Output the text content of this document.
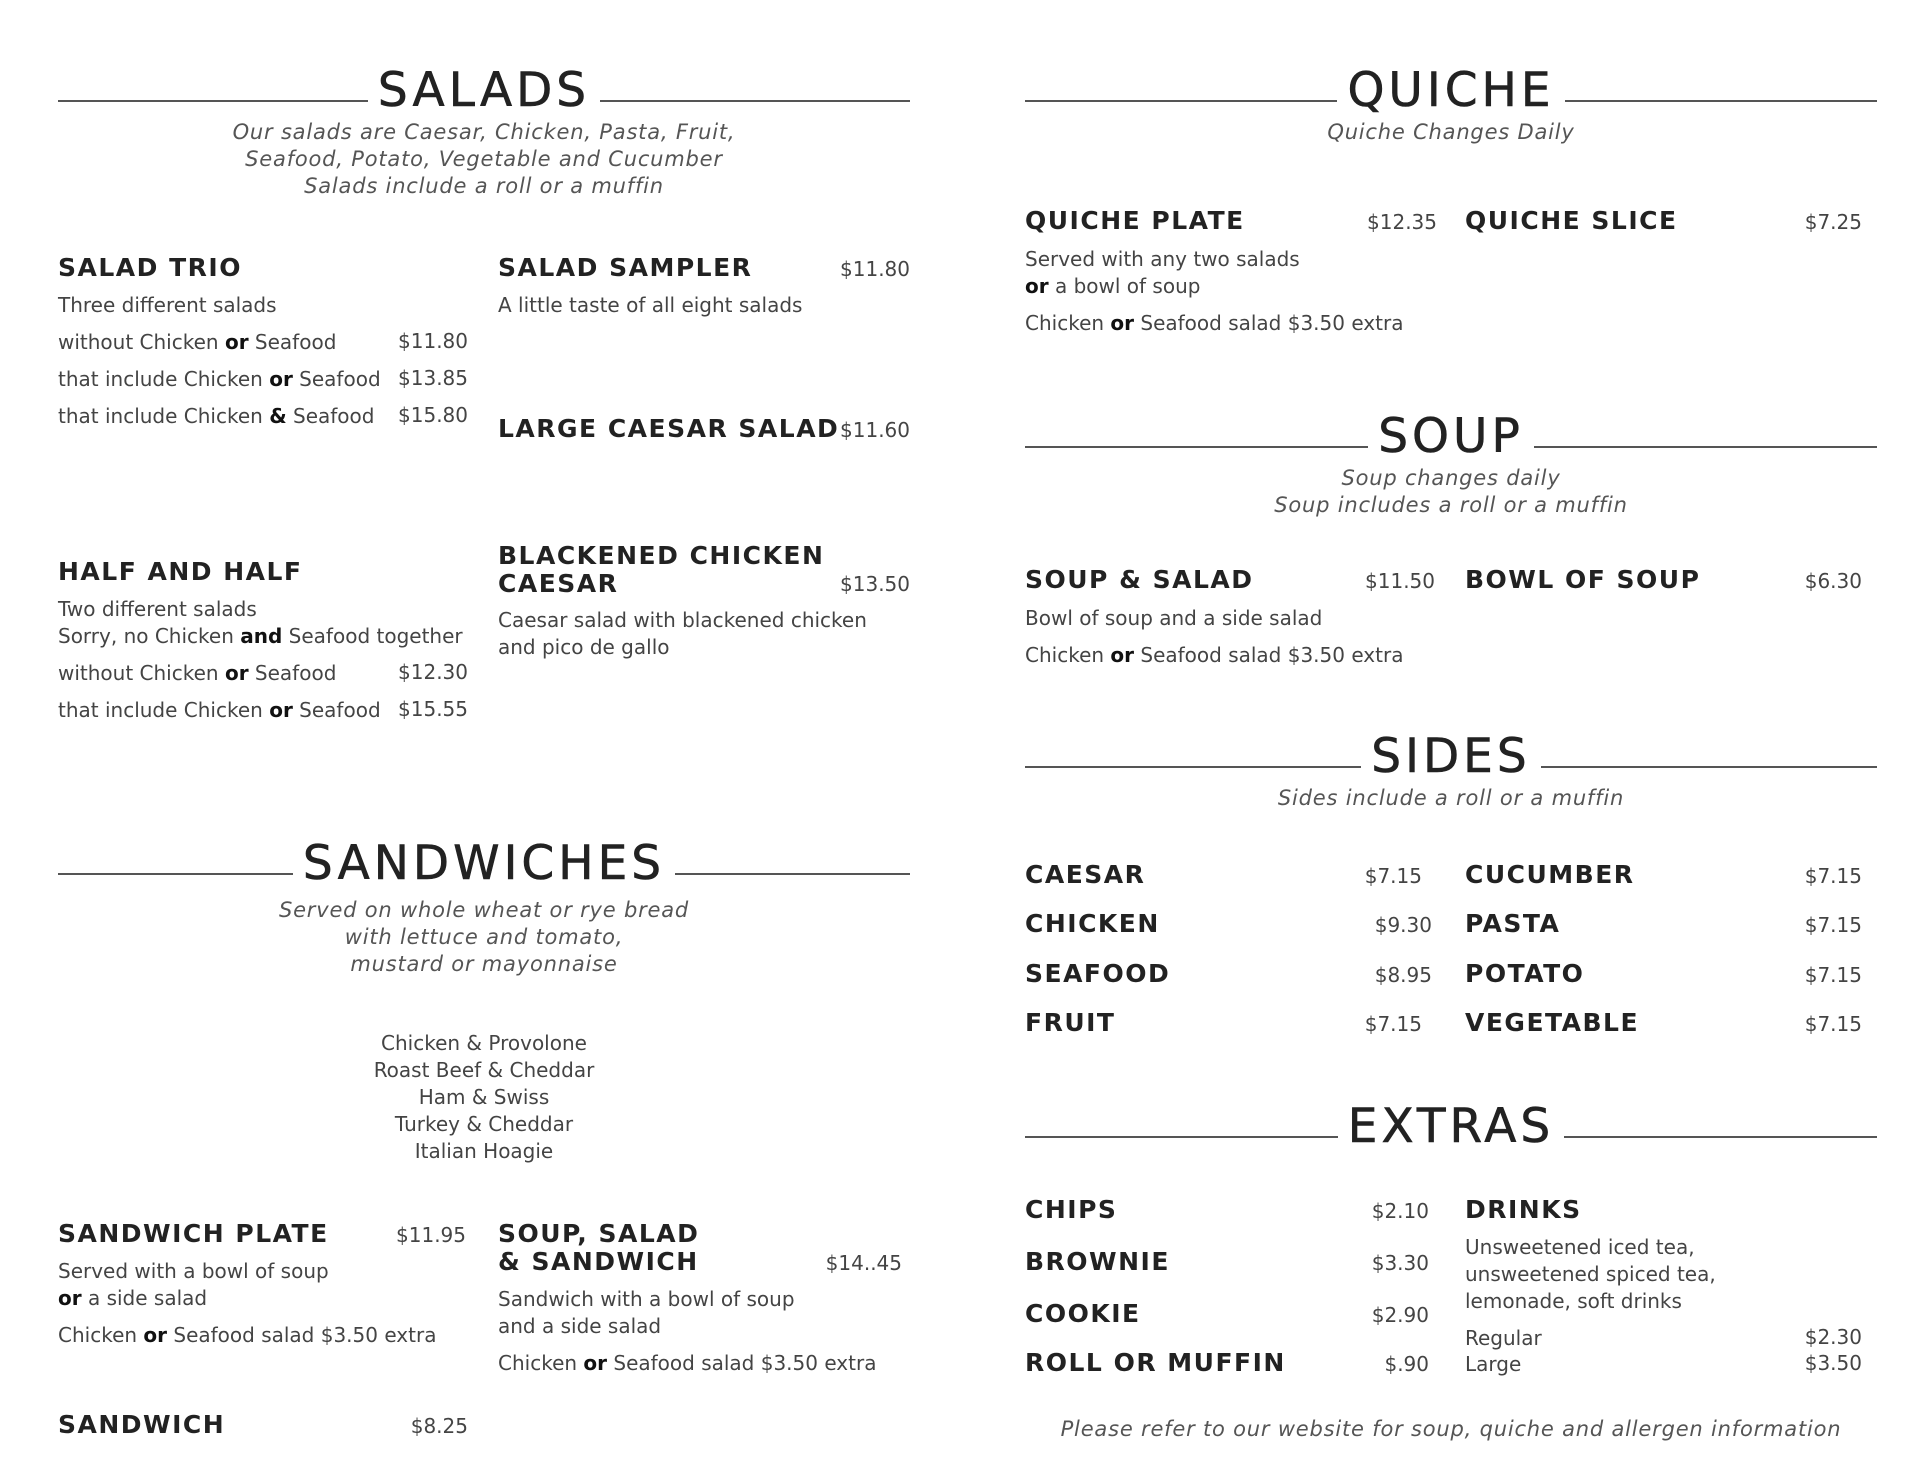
SALADS
Our salads are Caesar, Chicken, Pasta, Fruit,
Seafood, Potato, Vegetable and Cucumber
Salads include a roll or a muffin
SALAD TRIO
Three different salads
without Chicken or Seafood	$11.80
that include Chicken or Seafood $13.85
that include Chicken & Seafood $15.80
SALAD SAMPLER	$11.80
A little taste of all eight salads
LARGE CAESAR SALAD $11.60
HALF AND HALF
Two different salads
Sorry, no Chicken and Seafood together
without Chicken or Seafood	$12.30
that include Chicken or Seafood $15.55
BLACKENED CHICKEN
CAESAR	$13.50
Caesar salad with blackened chicken
and pico de gallo
SANDWICHES
Served on whole wheat or rye bread
with lettuce and tomato,
mustard or mayonnaise
Chicken & Provolone
Roast Beef & Cheddar
Ham & Swiss
Turkey & Cheddar
Italian Hoagie
SANDWICH PLATE	$11.95
Served with a bowl of soup
or a side salad
Chicken or Seafood salad $3.50 extra
SOUP, SALAD
& SANDWICH	$14..45
Sandwich with a bowl of soup
and a side salad
Chicken or Seafood salad $3.50 extra
SANDWICH	$8.25
QUICHE
Quiche Changes Daily
QUICHE PLATE	$12.35
Served with any two salads
or a bowl of soup
Chicken or Seafood salad $3.50 extra
QUICHE SLICE	$7.25
SOUP
Soup changes daily
Soup includes a roll or a muffin
SOUP & SALAD	$11.50
Bowl of soup and a side salad
Chicken or Seafood salad $3.50 extra
BOWL OF SOUP	$6.30
SIDES
Sides include a roll or a muffin
CAESAR	$7.15
CHICKEN	$9.30
SEAFOOD	$8.95
FRUIT	$7.15
CUCUMBER	$7.15
PASTA	$7.15
POTATO	$7.15
VEGETABLE	$7.15
EXTRAS
CHIPS	$2.10
BROWNIE	$3.30
COOKIE	$2.90
ROLL OR MUFFIN	$.90
DRINKS
Unsweetened iced tea,
unsweetened spiced tea,
lemonade, soft drinks
Regular	$2.30
Large	$3.50
Please refer to our website for soup, quiche and allergen information
